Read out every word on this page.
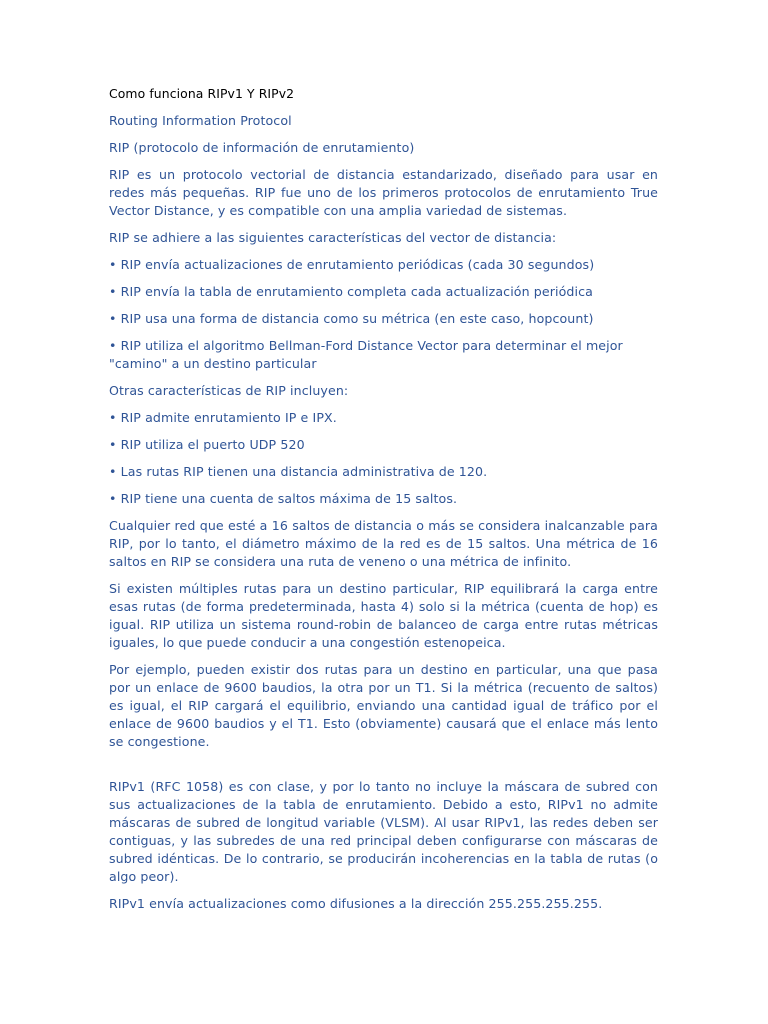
Como funciona RIPv1 Y RIPv2

Routing Information Protocol

RIP (protocolo de información de enrutamiento)

RIP es un protocolo vectorial de distancia estandarizado, diseñado para usar en redes más pequeñas. RIP fue uno de los primeros protocolos de enrutamiento True Vector Distance, y es compatible con una amplia variedad de sistemas.

RIP se adhiere a las siguientes características del vector de distancia:

• RIP envía actualizaciones de enrutamiento periódicas (cada 30 segundos)

• RIP envía la tabla de enrutamiento completa cada actualización periódica

• RIP usa una forma de distancia como su métrica (en este caso, hopcount)

• RIP utiliza el algoritmo Bellman-Ford Distance Vector para determinar el mejor "camino" a un destino particular

Otras características de RIP incluyen:

• RIP admite enrutamiento IP e IPX.

• RIP utiliza el puerto UDP 520

• Las rutas RIP tienen una distancia administrativa de 120.

• RIP tiene una cuenta de saltos máxima de 15 saltos.

Cualquier red que esté a 16 saltos de distancia o más se considera inalcanzable para RIP, por lo tanto, el diámetro máximo de la red es de 15 saltos. Una métrica de 16 saltos en RIP se considera una ruta de veneno o una métrica de infinito.

Si existen múltiples rutas para un destino particular, RIP equilibrará la carga entre esas rutas (de forma predeterminada, hasta 4) solo si la métrica (cuenta de hop) es igual. RIP utiliza un sistema round-robin de balanceo de carga entre rutas métricas iguales, lo que puede conducir a una congestión estenopeica.

Por ejemplo, pueden existir dos rutas para un destino en particular, una que pasa por un enlace de 9600 baudios, la otra por un T1. Si la métrica (recuento de saltos) es igual, el RIP cargará el equilibrio, enviando una cantidad igual de tráfico por el enlace de 9600 baudios y el T1. Esto (obviamente) causará que el enlace más lento se congestione.

RIPv1 (RFC 1058) es con clase, y por lo tanto no incluye la máscara de subred con sus actualizaciones de la tabla de enrutamiento. Debido a esto, RIPv1 no admite máscaras de subred de longitud variable (VLSM). Al usar RIPv1, las redes deben ser contiguas, y las subredes de una red principal deben configurarse con máscaras de subred idénticas. De lo contrario, se producirán incoherencias en la tabla de rutas (o algo peor).

RIPv1 envía actualizaciones como difusiones a la dirección 255.255.255.255.
